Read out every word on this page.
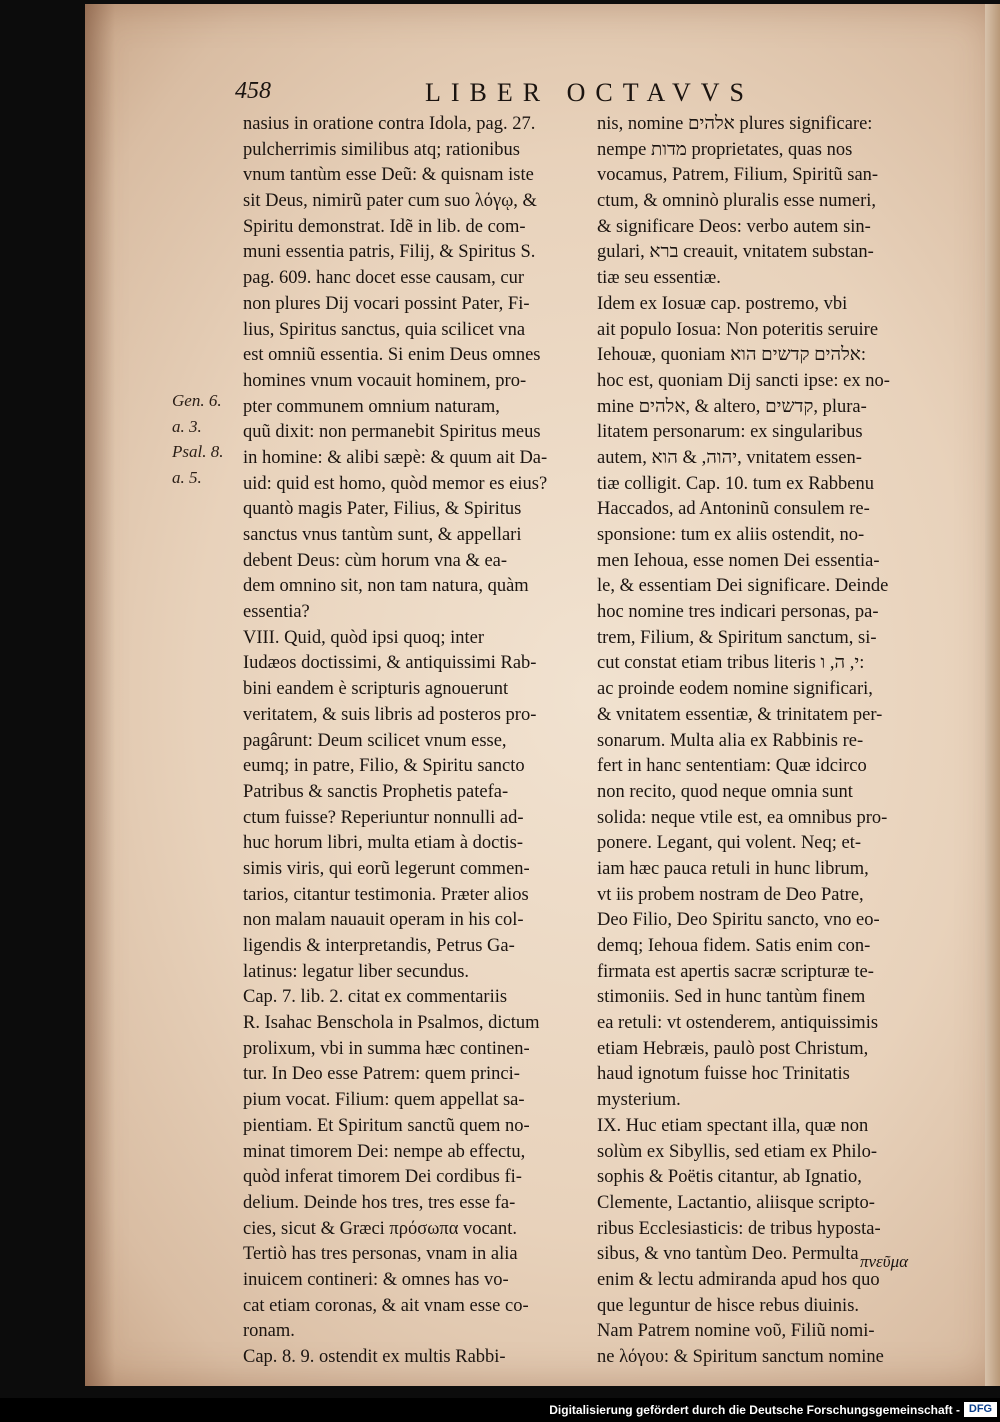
458	LIBER OCTAVVS
Gen. 6.
a. 3.
Psal. 8.
a. 5.
nasius in oratione contra Idola, pag. 27.
pulcherrimis similibus atq; rationibus
vnum tantùm esse Deũ: & quisnam iste
sit Deus, nimirũ pater cum suo λόγῳ, &
Spiritu demonstrat. Idẽ in lib. de com-
muni essentia patris, Filij, & Spiritus S.
pag. 609. hanc docet esse causam, cur
non plures Dij vocari possint Pater, Fi-
lius, Spiritus sanctus, quia scilicet vna
est omniũ essentia. Si enim Deus omnes
homines vnum vocauit hominem, pro-
pter communem omnium naturam,
quũ dixit: non permanebit Spiritus meus
in homine: & alibi sæpè: & quum ait Da-
uid: quid est homo, quòd memor es eius?
quantò magis Pater, Filius, & Spiritus
sanctus vnus tantùm sunt, & appellari
debent Deus: cùm horum vna & ea-
dem omnino sit, non tam natura, quàm
essentia?
VIII. Quid, quòd ipsi quoq; inter
Iudæos doctissimi, & antiquissimi Rab-
bini eandem è scripturis agnouerunt
veritatem, & suis libris ad posteros pro-
pagârunt: Deum scilicet vnum esse,
eumq; in patre, Filio, & Spiritu sancto
Patribus & sanctis Prophetis patefa-
ctum fuisse? Reperiuntur nonnulli ad-
huc horum libri, multa etiam à doctis-
simis viris, qui eorũ legerunt commen-
tarios, citantur testimonia. Præter alios
non malam nauauit operam in his col-
ligendis & interpretandis, Petrus Ga-
latinus: legatur liber secundus.
Cap. 7. lib. 2. citat ex commentariis
R. Isahac Benschola in Psalmos, dictum
prolixum, vbi in summa hæc continen-
tur. In Deo esse Patrem: quem princi-
pium vocat. Filium: quem appellat sa-
pientiam. Et Spiritum sanctũ quem no-
minat timorem Dei: nempe ab effectu,
quòd inferat timorem Dei cordibus fi-
delium. Deinde hos tres, tres esse fa-
cies, sicut & Græci πρόσωπα vocant.
Tertiò has tres personas, vnam in alia
inuicem contineri: & omnes has vo-
cat etiam coronas, & ait vnam esse co-
ronam.
Cap. 8. 9. ostendit ex multis Rabbi-
nis, nomine אלהים plures significare:
nempe מדות proprietates, quas nos
vocamus, Patrem, Filium, Spiritũ san-
ctum, & omninò pluralis esse numeri,
& significare Deos: verbo autem sin-
gulari, ברא creauit, vnitatem substan-
tiæ seu essentiæ.
Idem ex Iosuæ cap. postremo, vbi
ait populo Iosua: Non poteritis seruire
Iehouæ, quoniam אלהים קדשים הוא:
hoc est, quoniam Dij sancti ipse: ex no-
mine אלהים, & altero, קדשים, plura-
litatem personarum: ex singularibus
autem, יהוה, & הוא, vnitatem essen-
tiæ colligit. Cap. 10. tum ex Rabbenu
Haccados, ad Antoninũ consulem re-
sponsione: tum ex aliis ostendit, no-
men Iehoua, esse nomen Dei essentia-
le, & essentiam Dei significare. Deinde
hoc nomine tres indicari personas, pa-
trem, Filium, & Spiritum sanctum, si-
cut constat etiam tribus literis י, ה, ו:
ac proinde eodem nomine significari,
& vnitatem essentiæ, & trinitatem per-
sonarum. Multa alia ex Rabbinis re-
fert in hanc sententiam: Quæ idcirco
non recito, quod neque omnia sunt
solida: neque vtile est, ea omnibus pro-
ponere. Legant, qui volent. Neq; et-
iam hæc pauca retuli in hunc librum,
vt iis probem nostram de Deo Patre,
Deo Filio, Deo Spiritu sancto, vno eo-
demq; Iehoua fidem. Satis enim con-
firmata est apertis sacræ scripturæ te-
stimoniis. Sed in hunc tantùm finem
ea retuli: vt ostenderem, antiquissimis
etiam Hebræis, paulò post Christum,
haud ignotum fuisse hoc Trinitatis
mysterium.
IX. Huc etiam spectant illa, quæ non
solùm ex Sibyllis, sed etiam ex Philo-
sophis & Poëtis citantur, ab Ignatio,
Clemente, Lactantio, aliisque scripto-
ribus Ecclesiasticis: de tribus hyposta-
sibus, & vno tantùm Deo. Permulta
enim & lectu admiranda apud hos quo
que leguntur de hisce rebus diuinis.
Nam Patrem nomine νοῦ, Filiũ nomi-
ne λόγου: & Spiritum sanctum nomine
πνεῦμα
Digitalisierung gefördert durch die Deutsche Forschungsgemeinschaft - DFG
